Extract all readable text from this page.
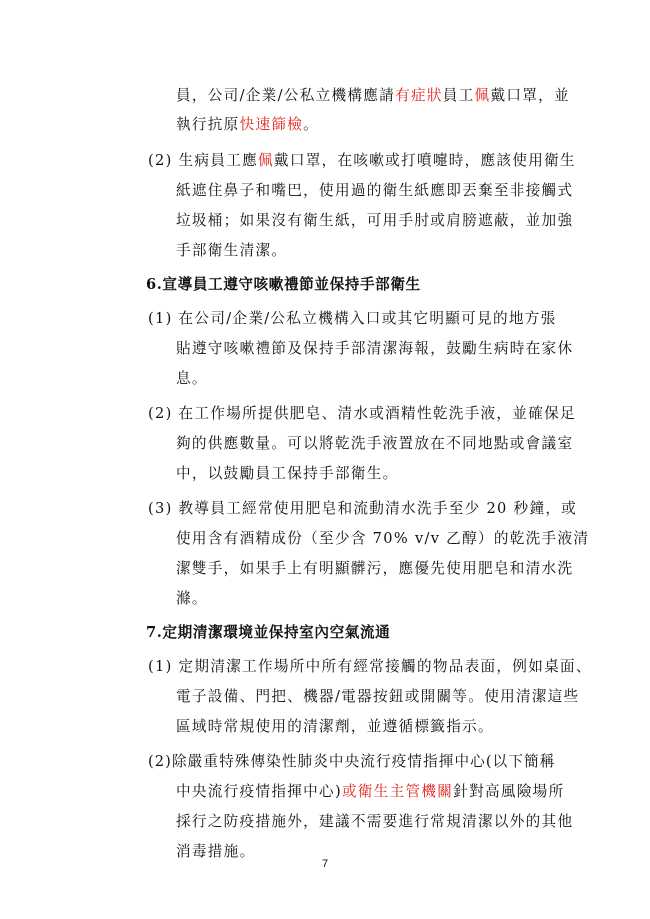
員，公司/企業/公私立機構應請有症狀員工佩戴口罩，並
執行抗原快速篩檢。
(2) 生病員工應佩戴口罩，在咳嗽或打噴嚏時，應該使用衛生
紙遮住鼻子和嘴巴，使用過的衛生紙應即丟棄至非接觸式
垃圾桶；如果沒有衛生紙，可用手肘或肩膀遮蔽，並加強
手部衛生清潔。
6.宣導員工遵守咳嗽禮節並保持手部衛生
(1) 在公司/企業/公私立機構入口或其它明顯可見的地方張
貼遵守咳嗽禮節及保持手部清潔海報，鼓勵生病時在家休
息。
(2) 在工作場所提供肥皂、清水或酒精性乾洗手液，並確保足
夠的供應數量。可以將乾洗手液置放在不同地點或會議室
中，以鼓勵員工保持手部衛生。
(3) 教導員工經常使用肥皂和流動清水洗手至少 20 秒鐘，或
使用含有酒精成份（至少含 70% v/v 乙醇）的乾洗手液清
潔雙手，如果手上有明顯髒污，應優先使用肥皂和清水洗
滌。
7.定期清潔環境並保持室內空氣流通
(1) 定期清潔工作場所中所有經常接觸的物品表面，例如桌面、
電子設備、門把、機器/電器按鈕或開關等。使用清潔這些
區域時常規使用的清潔劑，並遵循標籤指示。
(2)除嚴重特殊傳染性肺炎中央流行疫情指揮中心(以下簡稱
中央流行疫情指揮中心)或衛生主管機關針對高風險場所
採行之防疫措施外，建議不需要進行常規清潔以外的其他
消毒措施。
7
